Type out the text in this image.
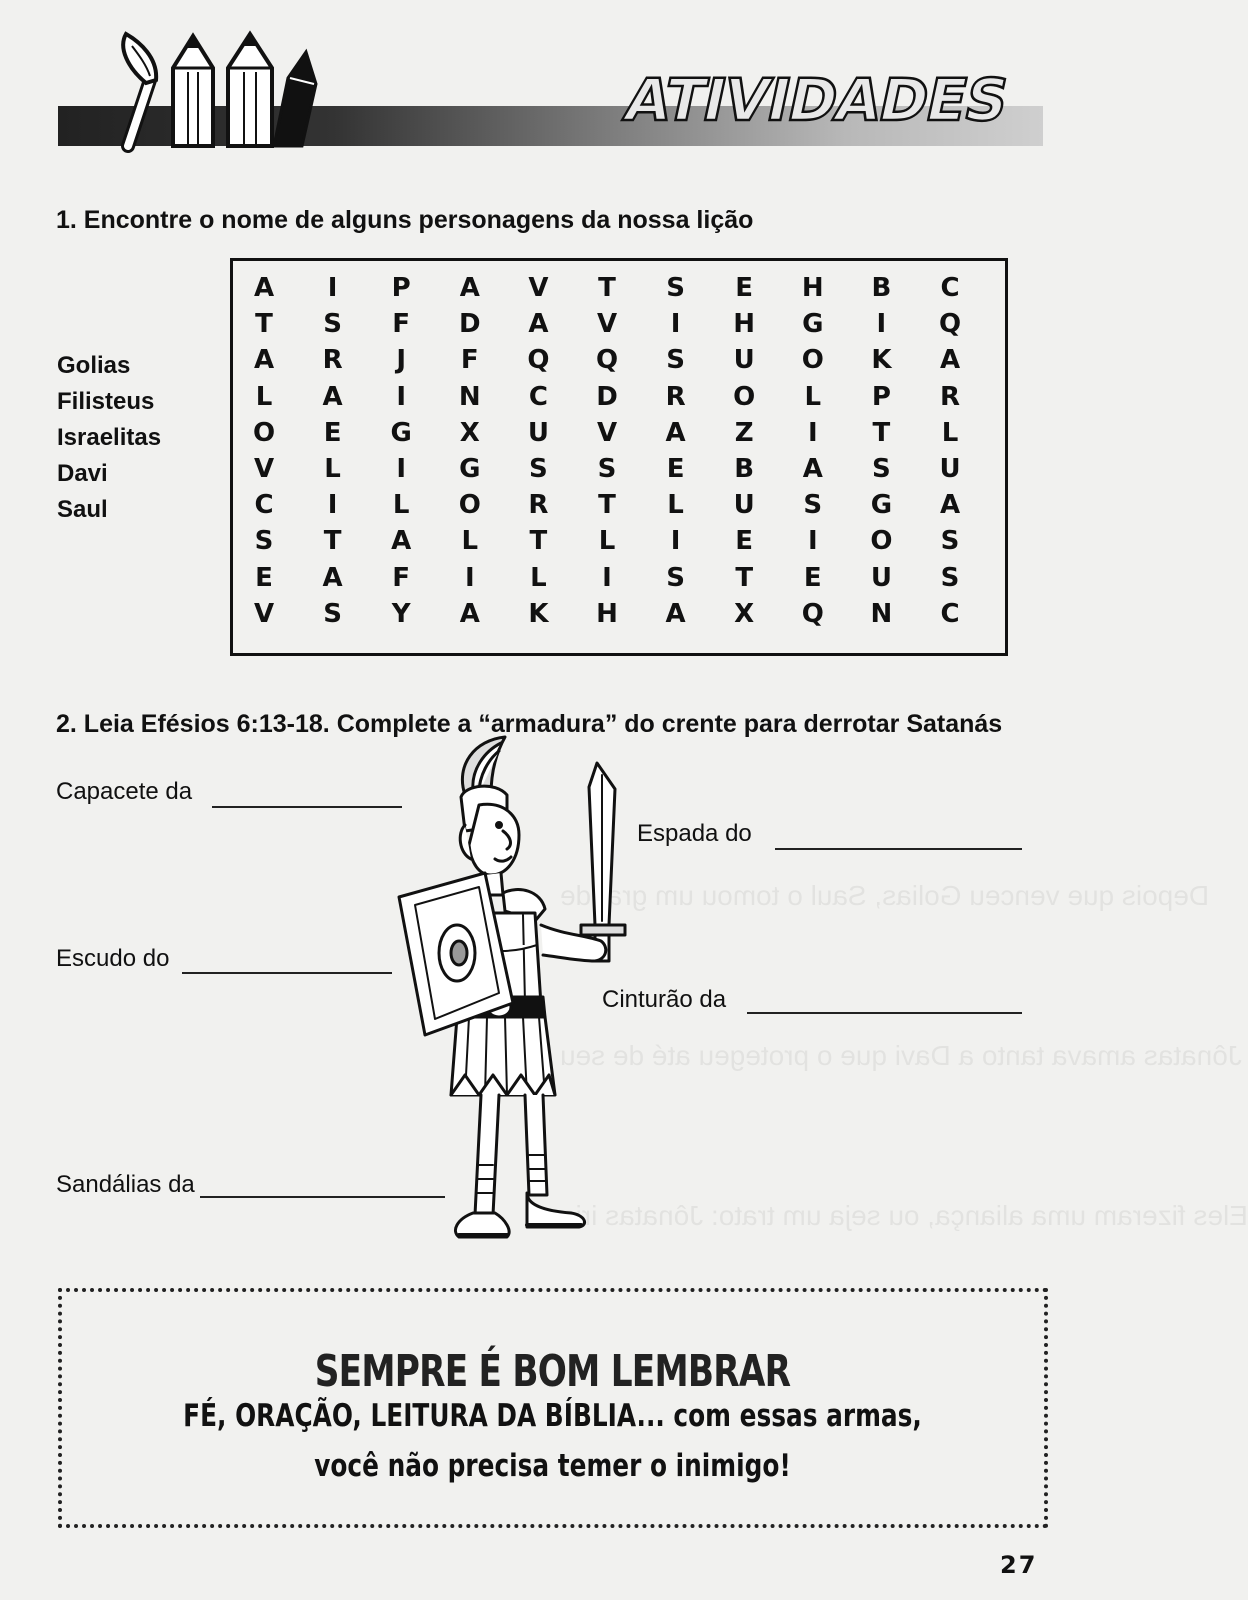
Depois que venceu Golias, Saul o tomou um grande
Jônatas amava tanto a Davi que o protegeu até de seu
Eles fizeram uma aliança, ou seja um trato: Jônatas iria
ATIVIDADES
1. Encontre o nome de alguns personagens da nossa lição
Golias
Filisteus
Israelitas
Davi
Saul
A	I	P	A	V	T	S	E	H	B	C
T	S	F	D	A	V	I	H	G	I	Q
A	R	J	F	Q	Q	S	U	O	K	A
L	A	I	N	C	D	R	O	L	P	R
O	E	G	X	U	V	A	Z	I	T	L
V	L	I	G	S	S	E	B	A	S	U
C	I	L	O	R	T	L	U	S	G	A
S	T	A	L	T	L	I	E	I	O	S
E	A	F	I	L	I	S	T	E	U	S
V	S	Y	A	K	H	A	X	Q	N	C
2. Leia Efésios 6:13-18. Complete a “armadura” do crente para derrotar Satanás
Capacete da
Espada do
Escudo do
Cinturão da
Sandálias da
SEMPRE É BOM LEMBRAR
FÉ, ORAÇÃO, LEITURA DA BÍBLIA... com essas armas,
você não precisa temer o inimigo!
27
